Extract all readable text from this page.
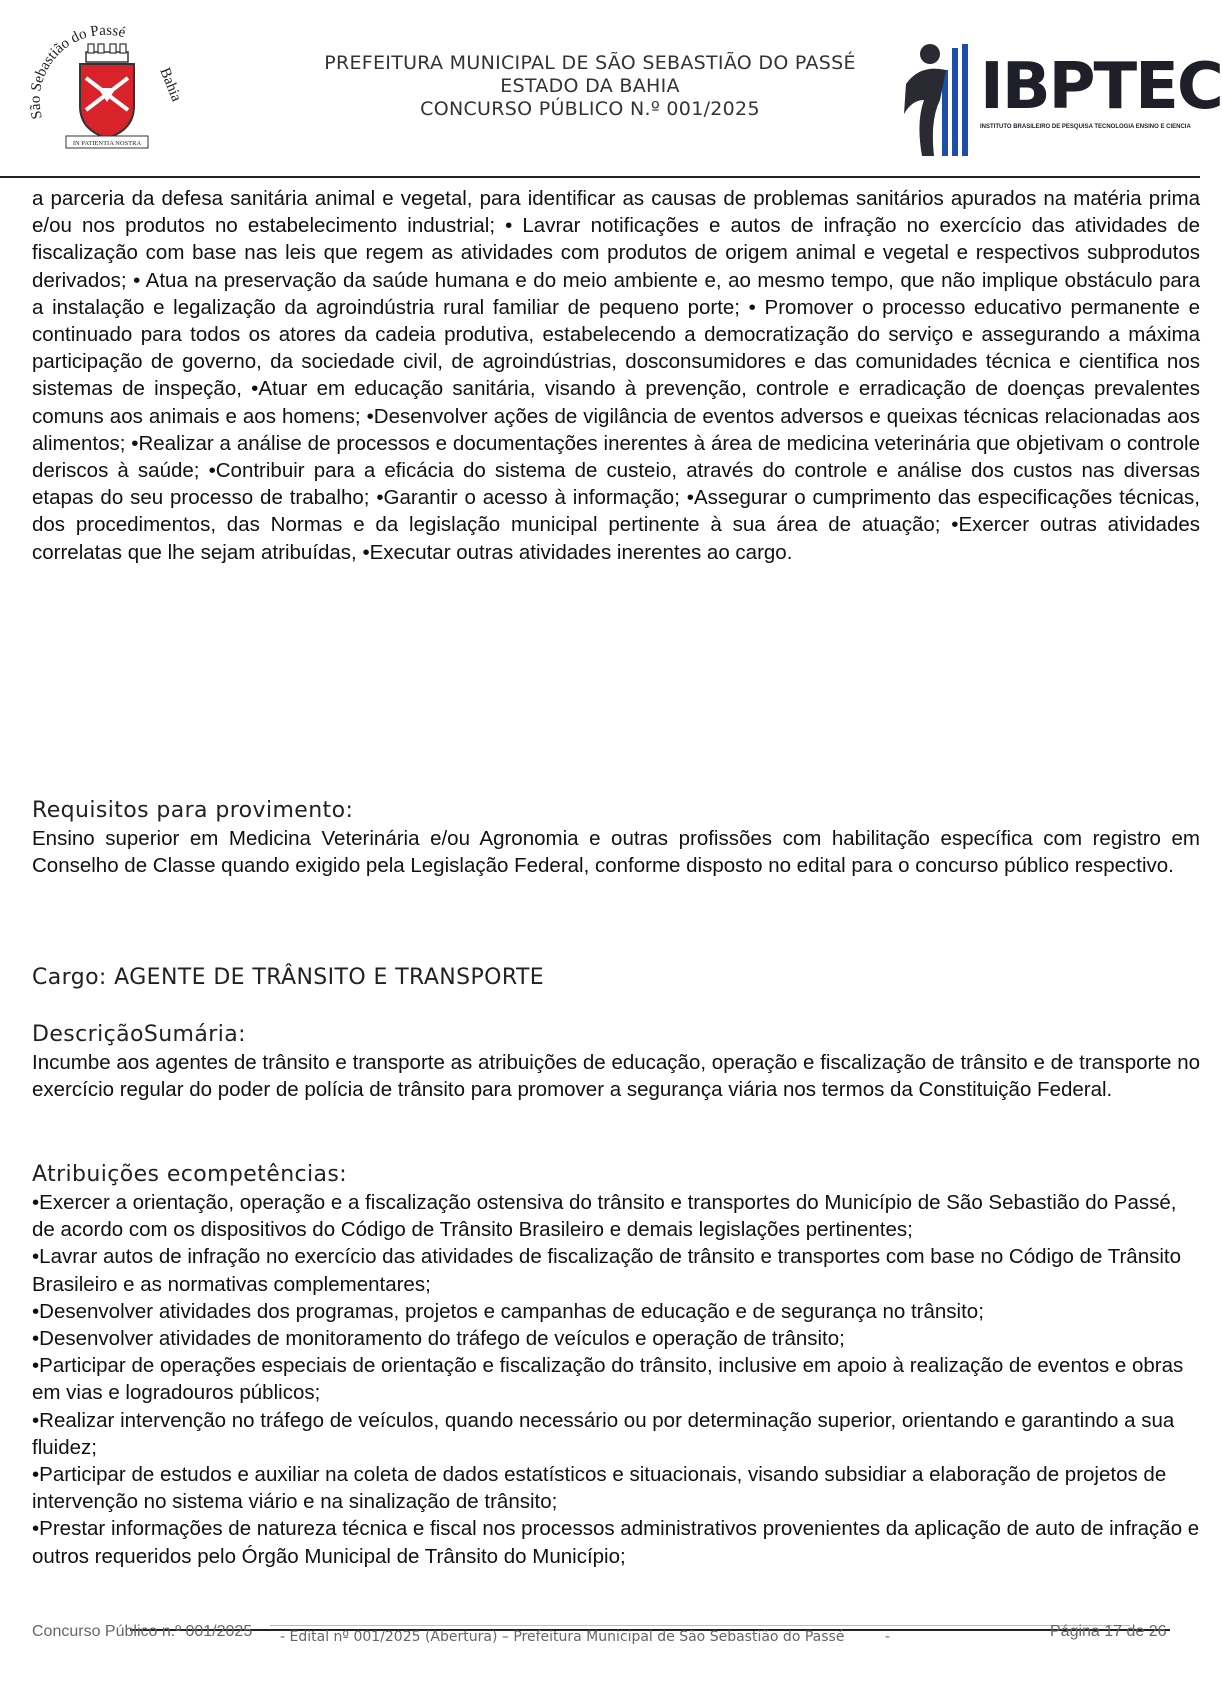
São Sebastião do Passé
Bahia
IN PATIENTIA NOSTRA
PREFEITURA MUNICIPAL DE SÃO SEBASTIÃO DO PASSÉ
ESTADO DA BAHIA
CONCURSO PÚBLICO N.º 001/2025	IBPTEC
INSTITUTO BRASILEIRO DE PESQUISA TECNOLOGIA ENSINO E CIENCIA

a parceria da defesa sanitária animal e vegetal, para identificar as causas de problemas sanitários apurados na matéria prima e/ou nos produtos no estabelecimento industrial; • Lavrar notificações e autos de infração no exercício das atividades de fiscalização com base nas leis que regem as atividades com produtos de origem animal e vegetal e respectivos subprodutos derivados; • Atua na preservação da saúde humana e do meio ambiente e, ao mesmo tempo, que não implique obstáculo para a instalação e legalização da agroindústria rural familiar de pequeno porte; • Promover o processo educativo permanente e continuado para todos os atores da cadeia produtiva, estabelecendo a democratização do serviço e assegurando a máxima participação de governo, da sociedade civil, de agroindústrias, dosconsumidores e das comunidades técnica e cientifica nos sistemas de inspeção, •Atuar em educação sanitária, visando à prevenção, controle e erradicação de doenças prevalentes comuns aos animais e aos homens; •Desenvolver ações de vigilância de eventos adversos e queixas técnicas relacionadas aos alimentos; •Realizar a análise de processos e documentações inerentes à área de medicina veterinária que objetivam o controle deriscos à saúde; •Contribuir para a eficácia do sistema de custeio, através do controle e análise dos custos nas diversas etapas do seu processo de trabalho; •Garantir o acesso à informação; •Assegurar o cumprimento das especificações técnicas, dos procedimentos, das Normas e da legislação municipal pertinente à sua área de atuação; •Exercer outras atividades correlatas que lhe sejam atribuídas, •Executar outras atividades inerentes ao cargo.

Requisitos para provimento:

Ensino superior em Medicina Veterinária e/ou Agronomia e outras profissões com habilitação específica com registro em Conselho de Classe quando exigido pela Legislação Federal, conforme disposto no edital para o concurso público respectivo.

Cargo: AGENTE DE TRÂNSITO E TRANSPORTE

DescriçãoSumária:

Incumbe aos agentes de trânsito e transporte as atribuições de educação, operação e fiscalização de trânsito e de transporte no exercício regular do poder de polícia de trânsito para promover a segurança viária nos termos da Constituição Federal.

Atribuições ecompetências:

•Exercer a orientação, operação e a fiscalização ostensiva do trânsito e transportes do Município de São Sebastião do Passé, de acordo com os dispositivos do Código de Trânsito Brasileiro e demais legislações pertinentes;
•Lavrar autos de infração no exercício das atividades de fiscalização de trânsito e transportes com base no Código de Trânsito Brasileiro e as normativas complementares;
•Desenvolver atividades dos programas, projetos e campanhas de educação e de segurança no trânsito;
•Desenvolver atividades de monitoramento do tráfego de veículos e operação de trânsito;
•Participar de operações especiais de orientação e fiscalização do trânsito, inclusive em apoio à realização de eventos e obras em vias e logradouros públicos;
•Realizar intervenção no tráfego de veículos, quando necessário ou por determinação superior, orientando e garantindo a sua fluidez;
•Participar de estudos e auxiliar na coleta de dados estatísticos e situacionais, visando subsidiar a elaboração de projetos de intervenção no sistema viário e na sinalização de trânsito;
•Prestar informações de natureza técnica e fiscal nos processos administrativos provenientes da aplicação de auto de infração e outros requeridos pelo Órgão Municipal de Trânsito do Município;
Concurso Público n.º 001/2025 - Edital nº 001/2025 (Abertura) – Prefeitura Municipal de São Sebastião do Passé	-	Página 17 de 26
